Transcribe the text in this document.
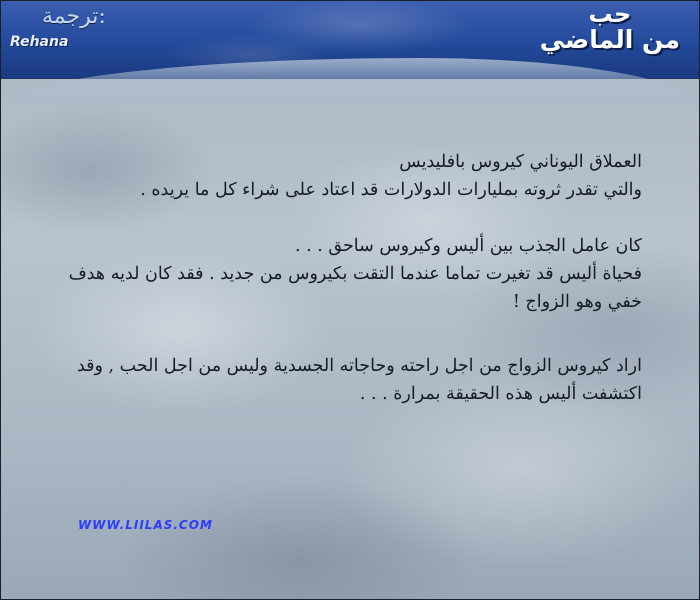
ترجمة:

Rehana

حب
من الماضي

العملاق اليوناني كيروس بافليديس
والتي تقدر ثروته بمليارات الدولارات قد اعتاد على شراء كل ما يريده .

كان عامل الجذب بين أليس وكيروس ساحق . . .
فحياة أليس قد تغيرت تماما عندما التقت بكيروس من جديد . فقد كان لديه هدف
خفي وهو الزواج !

اراد كيروس الزواج من اجل راحته وحاجاته الجسدية وليس من اجل الحب , وقد
اكتشفت أليس هذه الحقيقة بمرارة . . .

WWW.LIILAS.COM
